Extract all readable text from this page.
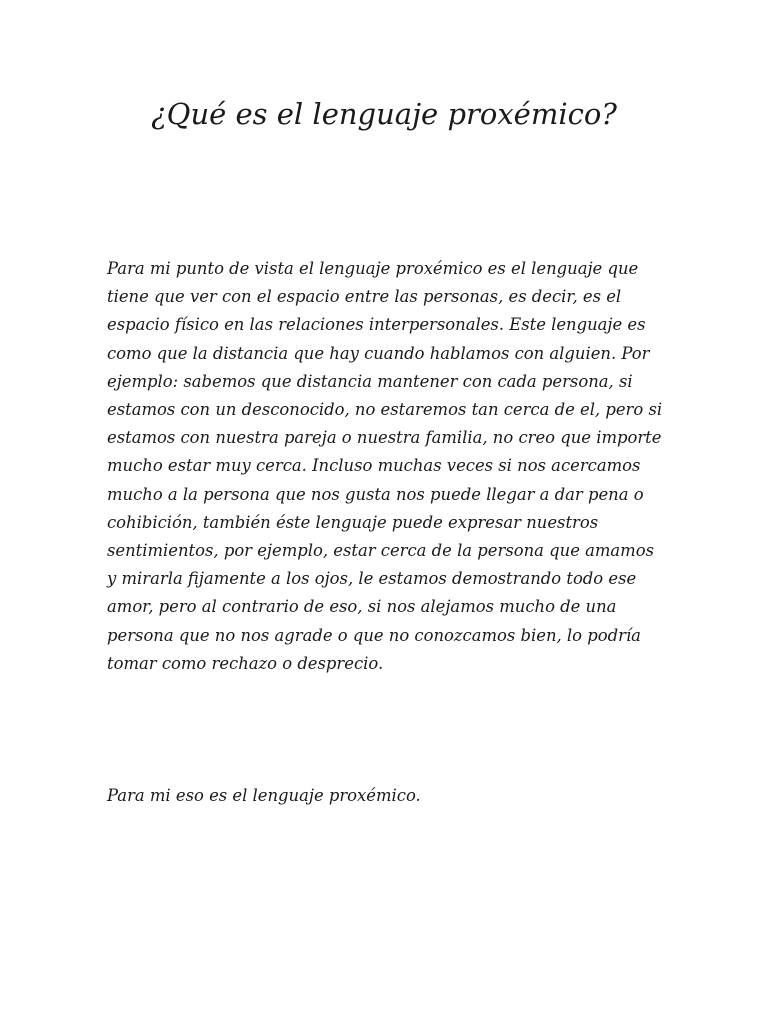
¿Qué es el lenguaje proxémico?

Para mi punto de vista el lenguaje proxémico es el lenguaje que tiene que ver con el espacio entre las personas, es decir, es el espacio físico en las relaciones interpersonales. Este lenguaje es como que la distancia que hay cuando hablamos con alguien. Por ejemplo: sabemos que distancia mantener con cada persona, si estamos con un desconocido, no estaremos tan cerca de el, pero si estamos con nuestra pareja o nuestra familia, no creo que importe mucho estar muy cerca. Incluso muchas veces si nos acercamos mucho a la persona que nos gusta nos puede llegar a dar pena o cohibición, también éste lenguaje puede expresar nuestros sentimientos, por ejemplo, estar cerca de la persona que amamos y mirarla fijamente a los ojos, le estamos demostrando todo ese amor, pero al contrario de eso, si nos alejamos mucho de una persona que no nos agrade o que no conozcamos bien, lo podría tomar como rechazo o desprecio.

Para mi eso es el lenguaje proxémico.
